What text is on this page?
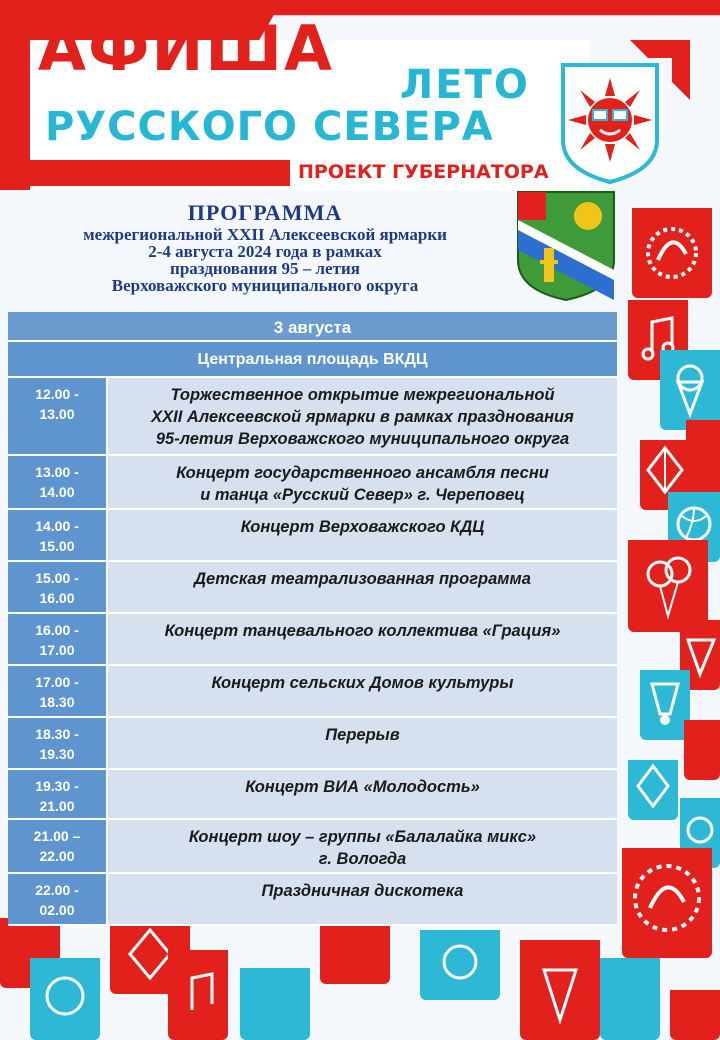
АФИША ЛЕТО
РУССКОГО СЕВЕРА
ПРОЕКТ ГУБЕРНАТОРА
ПРОГРАММА
межрегиональной XXII Алексеевской ярмарки
2-4 августа 2024 года в рамках
празднования 95 – летия
Верховажского муниципального округа
3 августа
Центральная площадь ВКДЦ
12.00 -
13.00
Торжественное открытие межрегиональной
XXII Алексеевской ярмарки в рамках празднования
95-летия Верховажского муниципального округа
13.00 -
14.00
Концерт государственного ансамбля песни
и танца «Русский Север» г. Череповец
14.00 -
15.00
Концерт Верховажского КДЦ
15.00 -
16.00
Детская театрализованная программа
16.00 -
17.00
Концерт танцевального коллектива «Грация»
17.00 -
18.30
Концерт сельских Домов культуры
18.30 -
19.30
Перерыв
19.30 -
21.00
Концерт ВИА «Молодость»
21.00 –
22.00
Концерт шоу – группы «Балалайка микс»
г. Вологда
22.00 -
02.00
Праздничная дискотека
